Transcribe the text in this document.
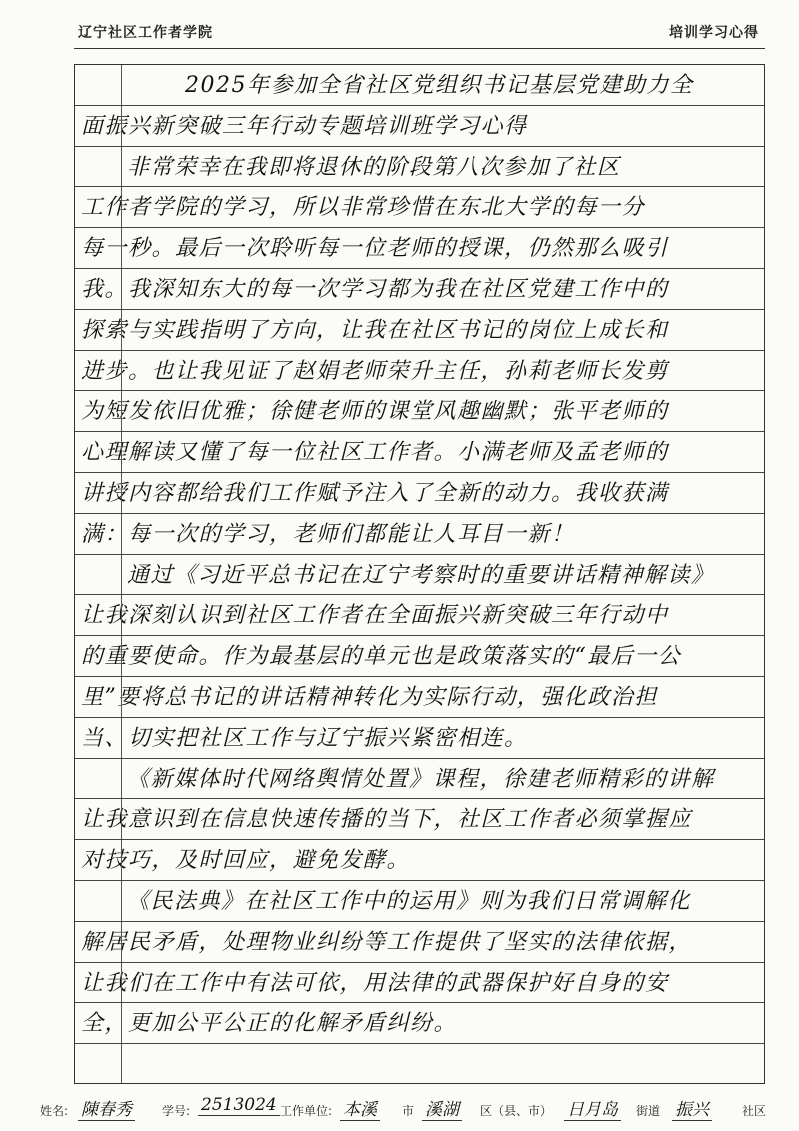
辽宁社区工作者学院	培训学习心得
2025年参加全省社区党组织书记基层党建助力全
面振兴新突破三年行动专题培训班学习心得
非常荣幸在我即将退休的阶段第八次参加了社区
工作者学院的学习，所以非常珍惜在东北大学的每一分
每一秒。最后一次聆听每一位老师的授课，仍然那么吸引
我。我深知东大的每一次学习都为我在社区党建工作中的
探索与实践指明了方向，让我在社区书记的岗位上成长和
进步。也让我见证了赵娟老师荣升主任，孙莉老师长发剪
为短发依旧优雅；徐健老师的课堂风趣幽默；张平老师的
心理解读又懂了每一位社区工作者。小满老师及孟老师的
讲授内容都给我们工作赋予注入了全新的动力。我收获满
满：每一次的学习，老师们都能让人耳目一新！
通过《习近平总书记在辽宁考察时的重要讲话精神解读》
让我深刻认识到社区工作者在全面振兴新突破三年行动中
的重要使命。作为最基层的单元也是政策落实的“最后一公
里”要将总书记的讲话精神转化为实际行动，强化政治担
当、切实把社区工作与辽宁振兴紧密相连。
《新媒体时代网络舆情处置》课程，徐建老师精彩的讲解
让我意识到在信息快速传播的当下，社区工作者必须掌握应
对技巧，及时回应，避免发酵。
《民法典》在社区工作中的运用》则为我们日常调解化
解居民矛盾，处理物业纠纷等工作提供了坚实的法律依据，
让我们在工作中有法可依，用法律的武器保护好自身的安
全，更加公平公正的化解矛盾纠纷。
姓名: 陳春秀	学号: 2513024 工作单位: 本溪 市 溪湖 区（县、市） 日月岛 街道 振兴	社区
